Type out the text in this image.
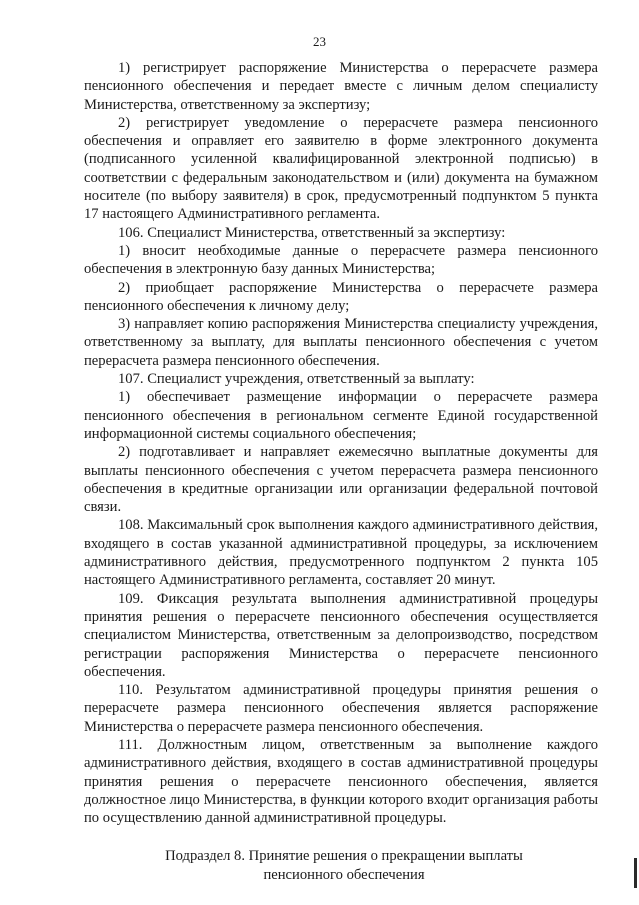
23

1) регистрирует распоряжение Министерства о перерасчете размера пенсионного обеспечения и передает вместе с личным делом специалисту Министерства, ответственному за экспертизу;

2) регистрирует уведомление о перерасчете размера пенсионного обеспечения и оправляет его заявителю в форме электронного документа (подписанного усиленной квалифицированной электронной подписью) в соответствии с федеральным законодательством и (или) документа на бумажном носителе (по выбору заявителя) в срок, предусмотренный подпунктом 5 пункта 17 настоящего Административного регламента.

106. Специалист Министерства, ответственный за экспертизу:

1) вносит необходимые данные о перерасчете размера пенсионного обеспечения в электронную базу данных Министерства;

2) приобщает распоряжение Министерства о перерасчете размера пенсионного обеспечения к личному делу;

3) направляет копию распоряжения Министерства специалисту учреждения, ответственному за выплату, для выплаты пенсионного обеспечения с учетом перерасчета размера пенсионного обеспечения.

107. Специалист учреждения, ответственный за выплату:

1) обеспечивает размещение информации о перерасчете размера пенсионного обеспечения в региональном сегменте Единой государственной информационной системы социального обеспечения;

2) подготавливает и направляет ежемесячно выплатные документы для выплаты пенсионного обеспечения с учетом перерасчета размера пенсионного обеспечения в кредитные организации или организации федеральной почтовой связи.

108. Максимальный срок выполнения каждого административного действия, входящего в состав указанной административной процедуры, за исключением административного действия, предусмотренного подпунктом 2 пункта 105 настоящего Административного регламента, составляет 20 минут.

109. Фиксация результата выполнения административной процедуры принятия решения о перерасчете пенсионного обеспечения осуществляется специалистом Министерства, ответственным за делопроизводство, посредством регистрации распоряжения Министерства о перерасчете пенсионного обеспечения.

110. Результатом административной процедуры принятия решения о перерасчете размера пенсионного обеспечения является распоряжение Министерства о перерасчете размера пенсионного обеспечения.

111. Должностным лицом, ответственным за выполнение каждого административного действия, входящего в состав административной процедуры принятия решения о перерасчете пенсионного обеспечения, является должностное лицо Министерства, в функции которого входит организация работы по осуществлению данной административной процедуры.

Подраздел 8. Принятие решения о прекращении выплаты
пенсионного обеспечения
